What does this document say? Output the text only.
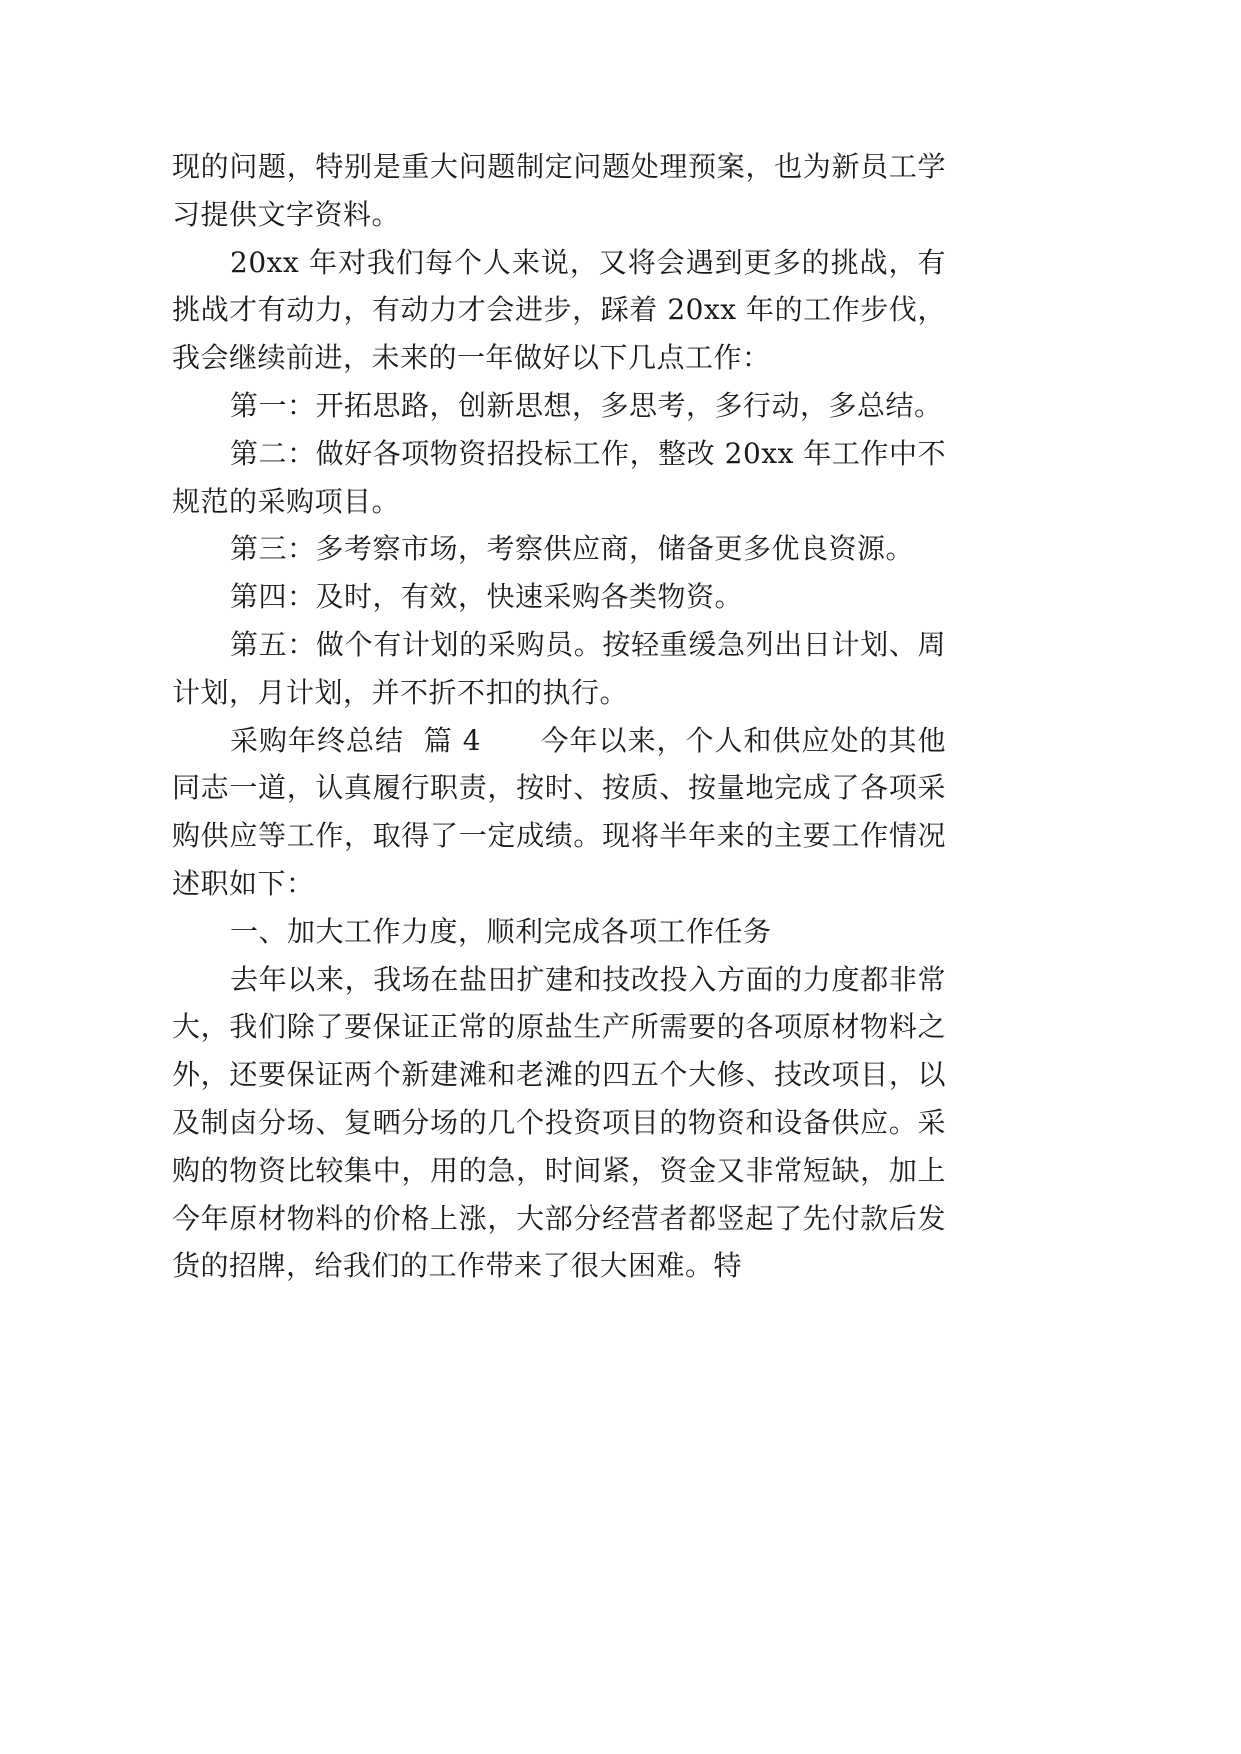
现的问题，特别是重大问题制定问题处理预案，也为新员工学习提供文字资料。

20xx 年对我们每个人来说，又将会遇到更多的挑战，有挑战才有动力，有动力才会进步，踩着 20xx 年的工作步伐，我会继续前进，未来的一年做好以下几点工作：

第一：开拓思路，创新思想，多思考，多行动，多总结。

第二：做好各项物资招投标工作，整改 20xx 年工作中不规范的采购项目。

第三：多考察市场，考察供应商，储备更多优良资源。

第四：及时，有效，快速采购各类物资。

第五：做个有计划的采购员。按轻重缓急列出日计划、周计划，月计划，并不折不扣的执行。

采购年终总结  篇 4      今年以来，个人和供应处的其他同志一道，认真履行职责，按时、按质、按量地完成了各项采购供应等工作，取得了一定成绩。现将半年来的主要工作情况述职如下：

一、加大工作力度，顺利完成各项工作任务

去年以来，我场在盐田扩建和技改投入方面的力度都非常大，我们除了要保证正常的原盐生产所需要的各项原材物料之外，还要保证两个新建滩和老滩的四五个大修、技改项目，以及制卤分场、复晒分场的几个投资项目的物资和设备供应。采购的物资比较集中，用的急，时间紧，资金又非常短缺，加上今年原材物料的价格上涨，大部分经营者都竖起了先付款后发货的招牌，给我们的工作带来了很大困难。特
